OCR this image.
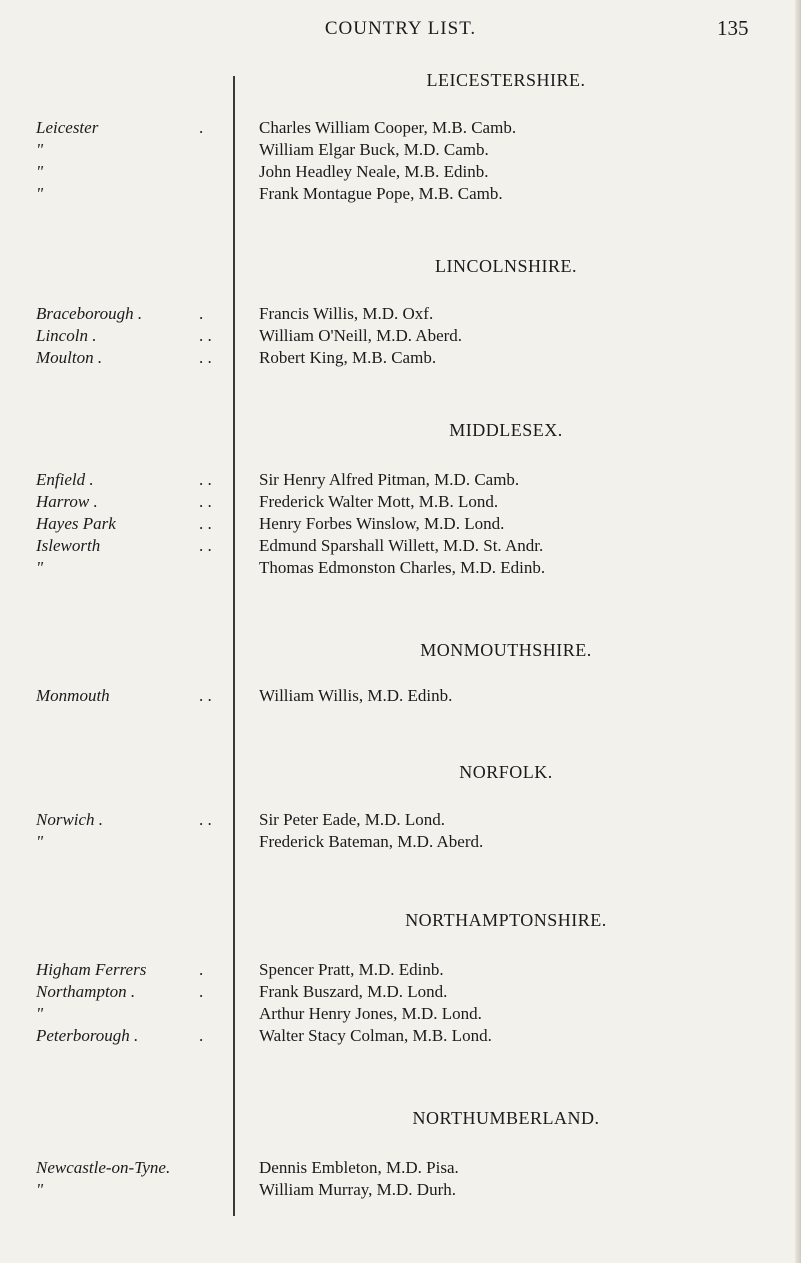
COUNTRY LIST.	135
LEICESTERSHIRE.
Leicester	.	Charles William Cooper, M.B. Camb.
"	William Elgar Buck, M.D. Camb.
"	John Headley Neale, M.B. Edinb.
"	Frank Montague Pope, M.B. Camb.
LINCOLNSHIRE.
Braceborough .	.	Francis Willis, M.D. Oxf.
Lincoln .	. .	William O'Neill, M.D. Aberd.
Moulton .	. .	Robert King, M.B. Camb.
MIDDLESEX.
Enfield .	. .	Sir Henry Alfred Pitman, M.D. Camb.
Harrow .	. .	Frederick Walter Mott, M.B. Lond.
Hayes Park	. .	Henry Forbes Winslow, M.D. Lond.
Isleworth	. .	Edmund Sparshall Willett, M.D. St. Andr.
"	Thomas Edmonston Charles, M.D. Edinb.
MONMOUTHSHIRE.
Monmouth	. .	William Willis, M.D. Edinb.
NORFOLK.
Norwich .	. .	Sir Peter Eade, M.D. Lond.
"	Frederick Bateman, M.D. Aberd.
NORTHAMPTONSHIRE.
Higham Ferrers	.	Spencer Pratt, M.D. Edinb.
Northampton .	.	Frank Buszard, M.D. Lond.
"	Arthur Henry Jones, M.D. Lond.
Peterborough .	.	Walter Stacy Colman, M.B. Lond.
NORTHUMBERLAND.
Newcastle-on-Tyne.	Dennis Embleton, M.D. Pisa.
"	William Murray, M.D. Durh.
